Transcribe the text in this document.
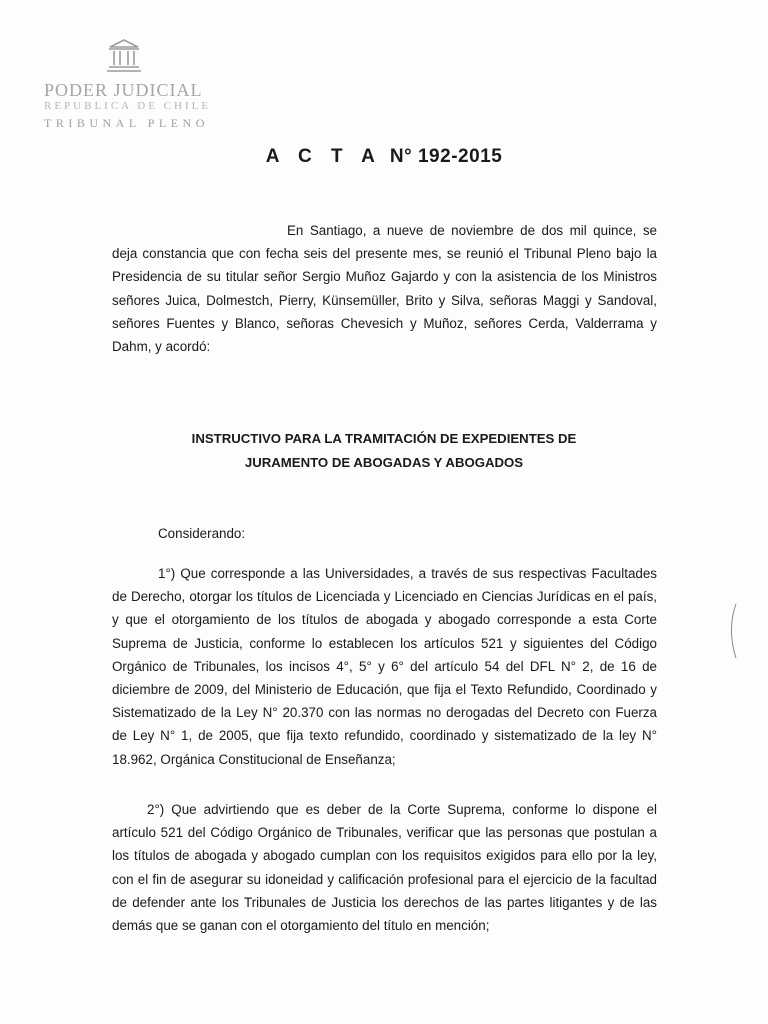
PODER JUDICIAL
REPUBLICA DE CHILE
TRIBUNAL PLENO
A C T A N° 192-2015
En Santiago, a nueve de noviembre de dos mil quince, se deja constancia que con fecha seis del presente mes, se reunió el Tribunal Pleno bajo la Presidencia de su titular señor Sergio Muñoz Gajardo y con la asistencia de los Ministros señores Juica, Dolmestch, Pierry, Künsemüller, Brito y Silva, señoras Maggi y Sandoval, señores Fuentes y Blanco, señoras Chevesich y Muñoz, señores Cerda, Valderrama y Dahm, y acordó:
INSTRUCTIVO PARA LA TRAMITACIÓN DE EXPEDIENTES DE
JURAMENTO DE ABOGADAS Y ABOGADOS
Considerando:
1°) Que corresponde a las Universidades, a través de sus respectivas Facultades de Derecho, otorgar los títulos de Licenciada y Licenciado en Ciencias Jurídicas en el país, y que el otorgamiento de los títulos de abogada y abogado corresponde a esta Corte Suprema de Justicia, conforme lo establecen los artículos 521 y siguientes del Código Orgánico de Tribunales, los incisos 4°, 5° y 6° del artículo 54 del DFL N° 2, de 16 de diciembre de 2009, del Ministerio de Educación, que fija el Texto Refundido, Coordinado y Sistematizado de la Ley N° 20.370 con las normas no derogadas del Decreto con Fuerza de Ley N° 1, de 2005, que fija texto refundido, coordinado y sistematizado de la ley N° 18.962, Orgánica Constitucional de Enseñanza;
2°) Que advirtiendo que es deber de la Corte Suprema, conforme lo dispone el artículo 521 del Código Orgánico de Tribunales, verificar que las personas que postulan a los títulos de abogada y abogado cumplan con los requisitos exigidos para ello por la ley, con el fin de asegurar su idoneidad y calificación profesional para el ejercicio de la facultad de defender ante los Tribunales de Justicia los derechos de las partes litigantes y de las demás que se ganan con el otorgamiento del título en mención;
